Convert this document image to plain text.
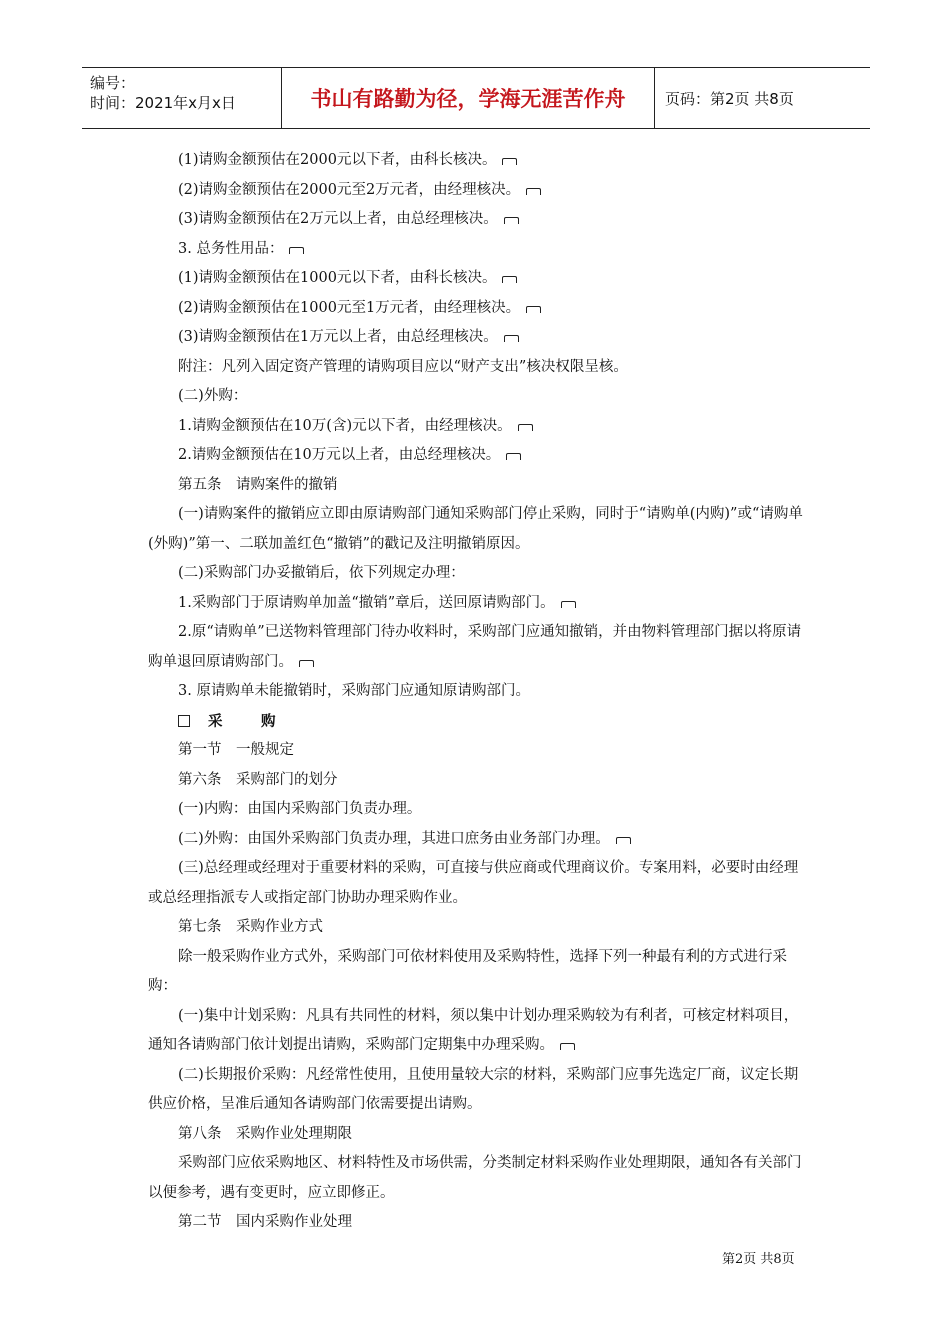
编号：
时间：2021年x月x日	书山有路勤为径，学海无涯苦作舟	页码：第2页 共8页

(1)请购金额预估在2000元以下者，由科长核决。

(2)请购金额预估在2000元至2万元者，由经理核决。

(3)请购金额预估在2万元以上者，由总经理核决。

3. 总务性用品：

(1)请购金额预估在1000元以下者，由科长核决。

(2)请购金额预估在1000元至1万元者，由经理核决。

(3)请购金额预估在1万元以上者，由总经理核决。

附注：凡列入固定资产管理的请购项目应以“财产支出”核决权限呈核。

(二)外购：

1.请购金额预估在10万(含)元以下者，由经理核决。

2.请购金额预估在10万元以上者，由总经理核决。

第五条　请购案件的撤销

(一)请购案件的撤销应立即由原请购部门通知采购部门停止采购，同时于“请购单(内购)”或“请购单(外购)”第一、二联加盖红色“撤销”的戳记及注明撤销原因。

(二)采购部门办妥撤销后，依下列规定办理：

1.采购部门于原请购单加盖“撤销”章后，送回原请购部门。

2.原“请购单”已送物料管理部门待办收料时，采购部门应通知撤销，并由物料管理部门据以将原请购单退回原请购部门。

3. 原请购单未能撤销时，采购部门应通知原请购部门。

采　购

第一节　一般规定

第六条　采购部门的划分

(一)内购：由国内采购部门负责办理。

(二)外购：由国外采购部门负责办理，其进口庶务由业务部门办理。

(三)总经理或经理对于重要材料的采购，可直接与供应商或代理商议价。专案用料，必要时由经理或总经理指派专人或指定部门协助办理采购作业。

第七条　采购作业方式

除一般采购作业方式外，采购部门可依材料使用及采购特性，选择下列一种最有利的方式进行采购：

(一)集中计划采购：凡具有共同性的材料，须以集中计划办理采购较为有利者，可核定材料项目，通知各请购部门依计划提出请购，采购部门定期集中办理采购。

(二)长期报价采购：凡经常性使用，且使用量较大宗的材料，采购部门应事先选定厂商，议定长期供应价格，呈准后通知各请购部门依需要提出请购。

第八条　采购作业处理期限

采购部门应依采购地区、材料特性及市场供需，分类制定材料采购作业处理期限，通知各有关部门以便参考，遇有变更时，应立即修正。

第二节　国内采购作业处理

第2页 共8页
